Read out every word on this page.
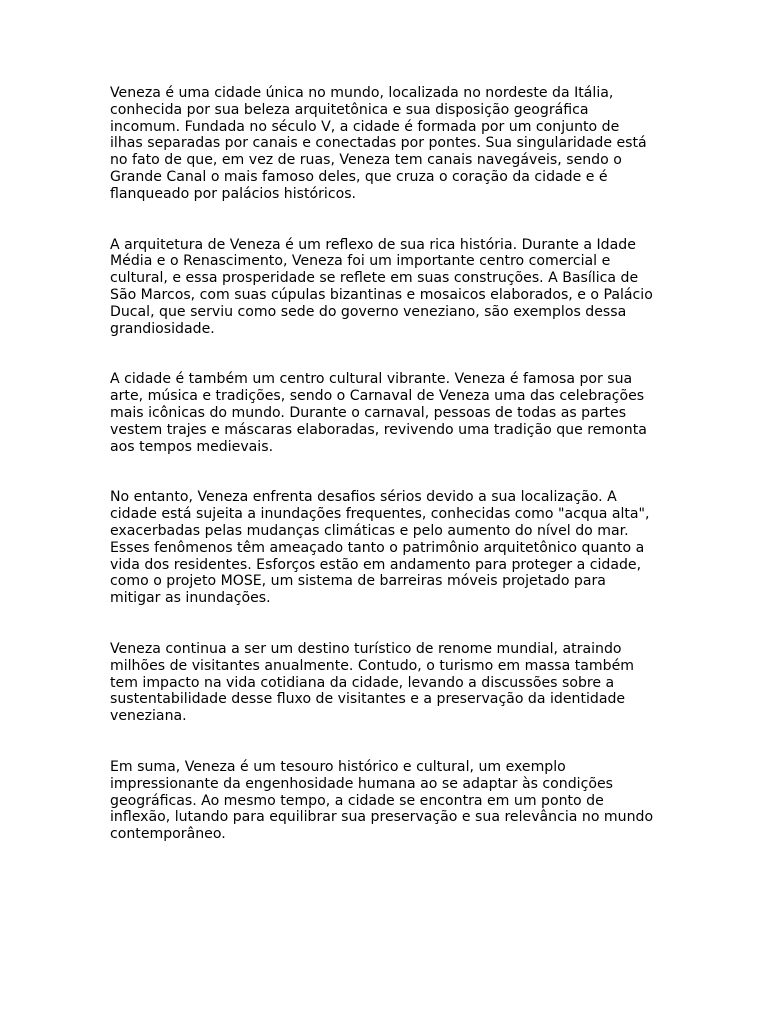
Veneza é uma cidade única no mundo, localizada no nordeste da Itália,
conhecida por sua beleza arquitetônica e sua disposição geográfica
incomum. Fundada no século V, a cidade é formada por um conjunto de
ilhas separadas por canais e conectadas por pontes. Sua singularidade está
no fato de que, em vez de ruas, Veneza tem canais navegáveis, sendo o
Grande Canal o mais famoso deles, que cruza o coração da cidade e é
flanqueado por palácios históricos.

A arquitetura de Veneza é um reflexo de sua rica história. Durante a Idade
Média e o Renascimento, Veneza foi um importante centro comercial e
cultural, e essa prosperidade se reflete em suas construções. A Basílica de
São Marcos, com suas cúpulas bizantinas e mosaicos elaborados, e o Palácio
Ducal, que serviu como sede do governo veneziano, são exemplos dessa
grandiosidade.

A cidade é também um centro cultural vibrante. Veneza é famosa por sua
arte, música e tradições, sendo o Carnaval de Veneza uma das celebrações
mais icônicas do mundo. Durante o carnaval, pessoas de todas as partes
vestem trajes e máscaras elaboradas, revivendo uma tradição que remonta
aos tempos medievais.

No entanto, Veneza enfrenta desafios sérios devido a sua localização. A
cidade está sujeita a inundações frequentes, conhecidas como "acqua alta",
exacerbadas pelas mudanças climáticas e pelo aumento do nível do mar.
Esses fenômenos têm ameaçado tanto o patrimônio arquitetônico quanto a
vida dos residentes. Esforços estão em andamento para proteger a cidade,
como o projeto MOSE, um sistema de barreiras móveis projetado para
mitigar as inundações.

Veneza continua a ser um destino turístico de renome mundial, atraindo
milhões de visitantes anualmente. Contudo, o turismo em massa também
tem impacto na vida cotidiana da cidade, levando a discussões sobre a
sustentabilidade desse fluxo de visitantes e a preservação da identidade
veneziana.

Em suma, Veneza é um tesouro histórico e cultural, um exemplo
impressionante da engenhosidade humana ao se adaptar às condições
geográficas. Ao mesmo tempo, a cidade se encontra em um ponto de
inflexão, lutando para equilibrar sua preservação e sua relevância no mundo
contemporâneo.
